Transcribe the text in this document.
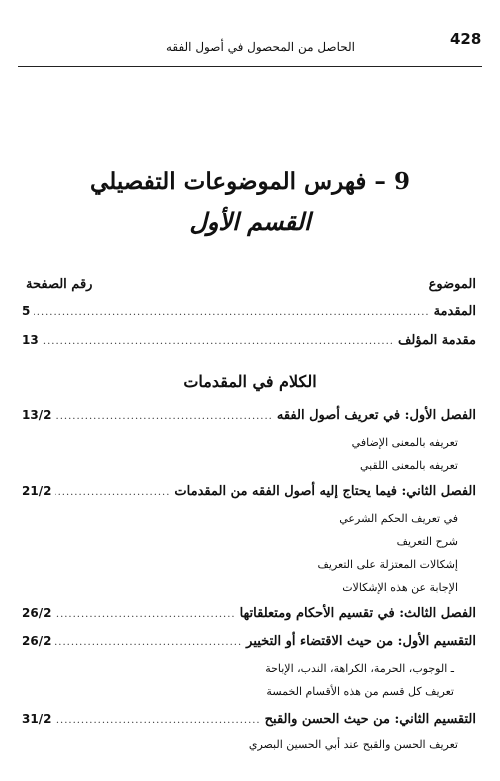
428

الحاصل من المحصول في أصول الفقه

9 – فهرس الموضوعات التفصيلي
القسم الأول

الموضوع

رقم الصفحة

المقدمة
.....
5
مقدمة المؤلف
.....
13
الكلام في المقدمات
الفصل الأول: في تعريف أصول الفقه
.....
13/2

تعريفه بالمعنى الإضافي

تعريفه بالمعنى اللقبي

الفصل الثاني: فيما يحتاج إليه أصول الفقه من المقدمات
.....
21/2

في تعريف الحكم الشرعي

شرح التعريف

إشكالات المعتزلة على التعريف

الإجابة عن هذه الإشكالات

الفصل الثالث: في تقسيم الأحكام ومتعلقاتها
.....
26/2
التقسيم الأول: من حيث الاقتضاء أو التخيير
.....
26/2

ـ الوجوب، الحرمة، الكراهة، الندب، الإباحة

تعريف كل قسم من هذه الأقسام الخمسة

التقسيم الثاني: من حيث الحسن والقبح
.....
31/2

تعريف الحسن والقبح عند أبي الحسين البصري
